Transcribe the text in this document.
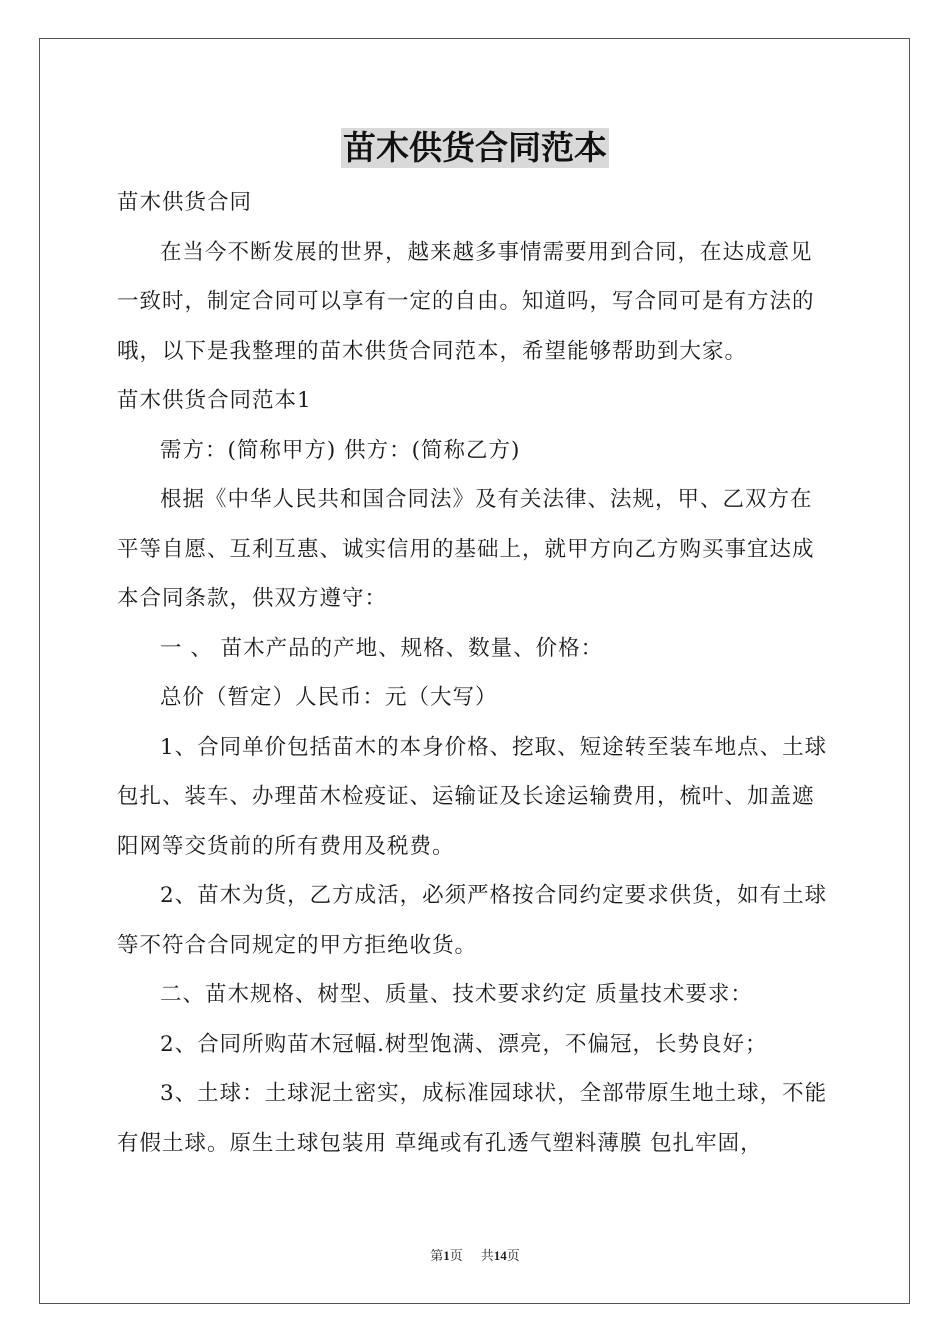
苗木供货合同范本

苗木供货合同

在当今不断发展的世界，越来越多事情需要用到合同，在达成意见一致时，制定合同可以享有一定的自由。知道吗，写合同可是有方法的哦，以下是我整理的苗木供货合同范本，希望能够帮助到大家。

苗木供货合同范本1

需方：(简称甲方) 供方：(简称乙方)

根据《中华人民共和国合同法》及有关法律、法规，甲、乙双方在平等自愿、互利互惠、诚实信用的基础上，就甲方向乙方购买事宜达成本合同条款，供双方遵守：

一 、 苗木产品的产地、规格、数量、价格：

总价（暂定）人民币：元（大写）

1、合同单价包括苗木的本身价格、挖取、短途转至装车地点、土球包扎、装车、办理苗木检疫证、运输证及长途运输费用，梳叶、加盖遮阳网等交货前的所有费用及税费。

2、苗木为货，乙方成活，必须严格按合同约定要求供货，如有土球等不符合合同规定的甲方拒绝收货。

二、苗木规格、树型、质量、技术要求约定 质量技术要求：

2、合同所购苗木冠幅.树型饱满、漂亮，不偏冠，长势良好；

3、土球：土球泥土密实，成标准园球状，全部带原生地土球，不能有假土球。原生土球包装用 草绳或有孔透气塑料薄膜 包扎牢固，

第1页 共14页
